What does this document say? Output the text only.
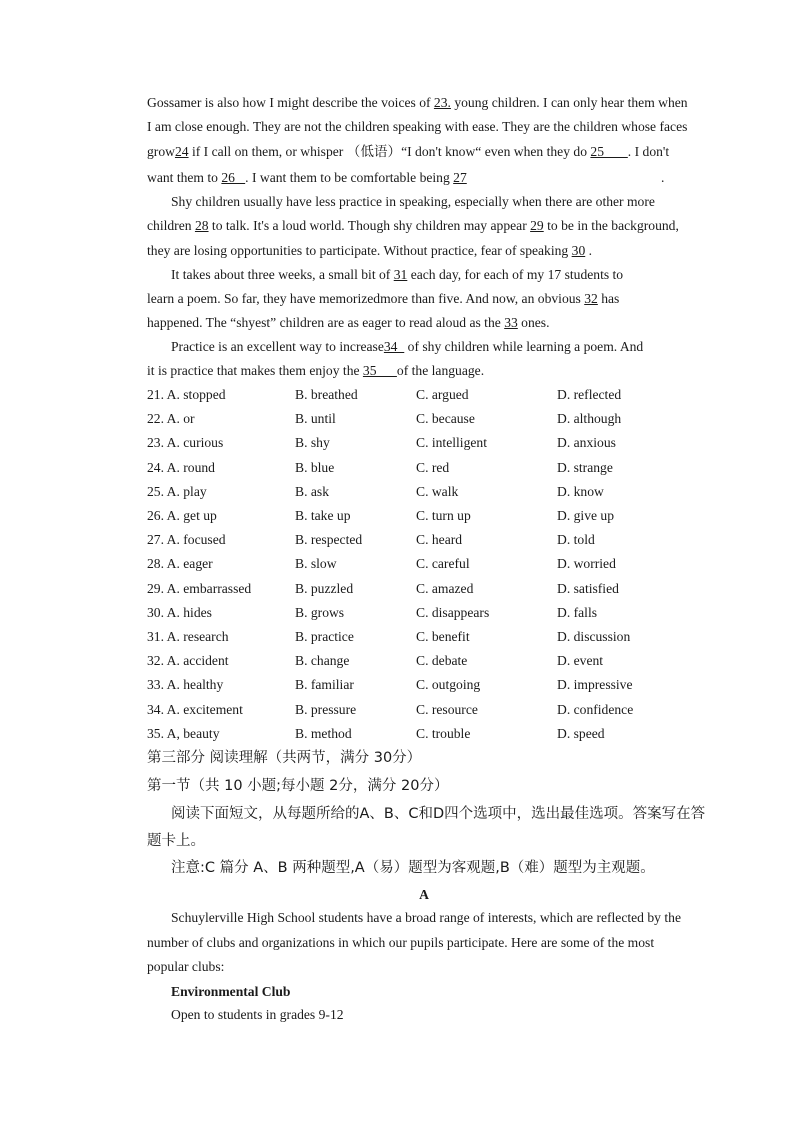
Gossamer is also how I might describe the voices of 23. young children. I can only hear them when
I am close enough. They are not the children speaking with ease. They are the children whose faces
grow24 if I call on them, or whisper （低语）“I don't know“ even when they do 25       . I don't
want them to 26   . I want them to be comfortable being 27	.
Shy children usually have less practice in speaking, especially when there are other more
children 28 to talk. It's a loud world. Though shy children may appear 29 to be in the background,
they are losing opportunities to participate. Without practice, fear of speaking 30 .
It takes about three weeks, a small bit of 31 each day, for each of my 17 students to
learn a poem. So far, they have memorizedmore than five. And now, an obvious 32 has
happened. The “shyest” children are as eager to read aloud as the 33 ones.
Practice is an excellent way to increase34   of shy children while learning a poem. And
it is practice that makes them enjoy the 35      of the language.
21. A. stopped	B. breathed	C. argued	D. reflected
22. A. or	B. until	C. because	D. although
23. A. curious	B. shy	C. intelligent	D. anxious
24. A. round	B. blue	C. red	D. strange
25. A. play	B. ask	C. walk	D. know
26. A. get up	B. take up	C. turn up	D. give up
27. A. focused	B. respected	C. heard	D. told
28. A. eager	B. slow	C. careful	D. worried
29. A. embarrassed	B. puzzled	C. amazed	D. satisfied
30. A. hides	B. grows	C. disappears	D. falls
31. A. research	B. practice	C. benefit	D. discussion
32. A. accident	B. change	C. debate	D. event
33. A. healthy	B. familiar	C. outgoing	D. impressive
34. A. excitement	B. pressure	C. resource	D. confidence
35. A, beauty	B. method	C. trouble	D. speed
第三部分 阅读理解（共两节，满分 30分）
第一节（共 10 小题;每小题 2分，满分 20分）
阅读下面短文，从每题所给的A、B、C和D四个选项中，选出最佳选项。答案写在答
题卡上。
注意:C 篇分 A、B 两种题型,A（易）题型为客观题,B（难）题型为主观题。
A
Schuylerville High School students have a broad range of interests, which are reflected by the
number of clubs and organizations in which our pupils participate. Here are some of the most
popular clubs:
Environmental Club
Open to students in grades 9-12
